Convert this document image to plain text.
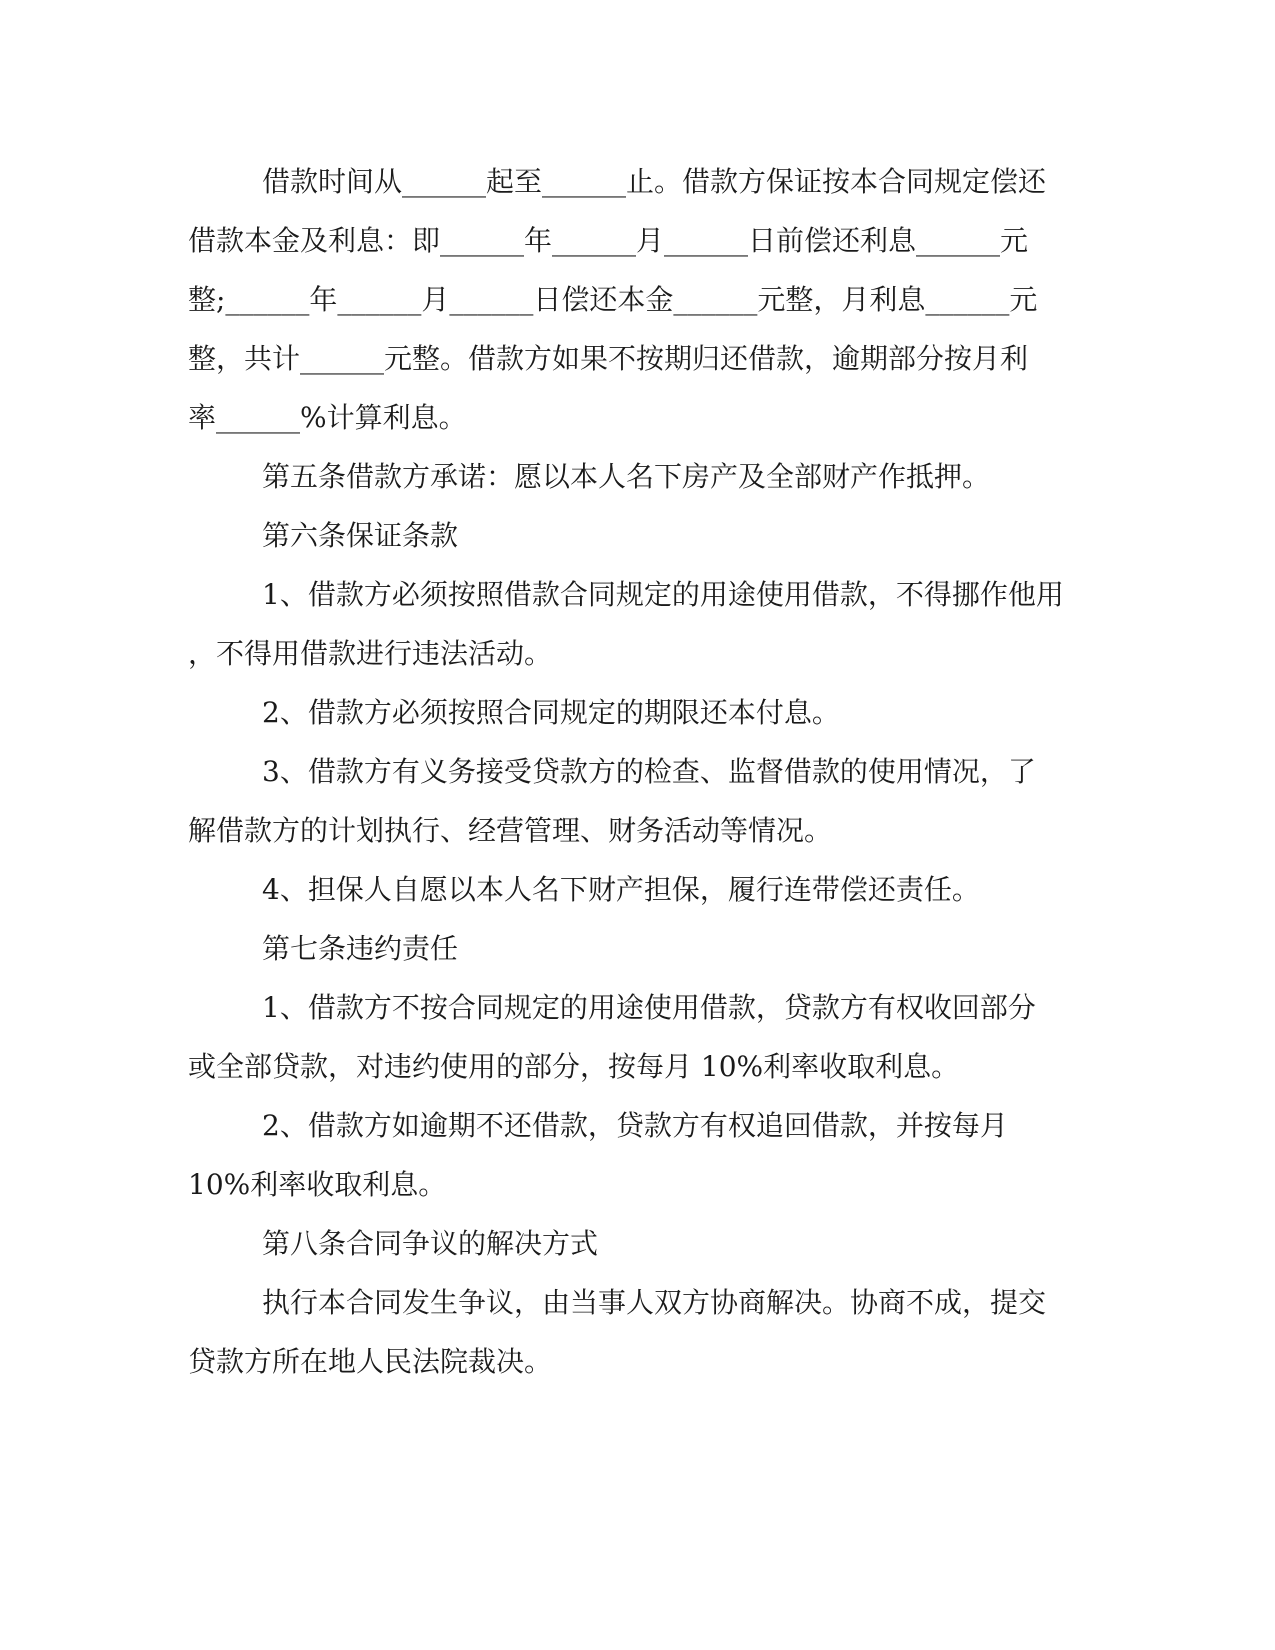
借款时间从______起至______止。借款方保证按本合同规定偿还
借款本金及利息：即______年______月______日前偿还利息______元
整;______年______月______日偿还本金______元整，月利息______元
整，共计______元整。借款方如果不按期归还借款，逾期部分按月利
率______%计算利息。
第五条借款方承诺：愿以本人名下房产及全部财产作抵押。
第六条保证条款
1、借款方必须按照借款合同规定的用途使用借款，不得挪作他用
，不得用借款进行违法活动。
2、借款方必须按照合同规定的期限还本付息。
3、借款方有义务接受贷款方的检查、监督借款的使用情况，了
解借款方的计划执行、经营管理、财务活动等情况。
4、担保人自愿以本人名下财产担保，履行连带偿还责任。
第七条违约责任
1、借款方不按合同规定的用途使用借款，贷款方有权收回部分
或全部贷款，对违约使用的部分，按每月 10%利率收取利息。
2、借款方如逾期不还借款，贷款方有权追回借款，并按每月
10%利率收取利息。
第八条合同争议的解决方式
执行本合同发生争议，由当事人双方协商解决。协商不成，提交
贷款方所在地人民法院裁决。
